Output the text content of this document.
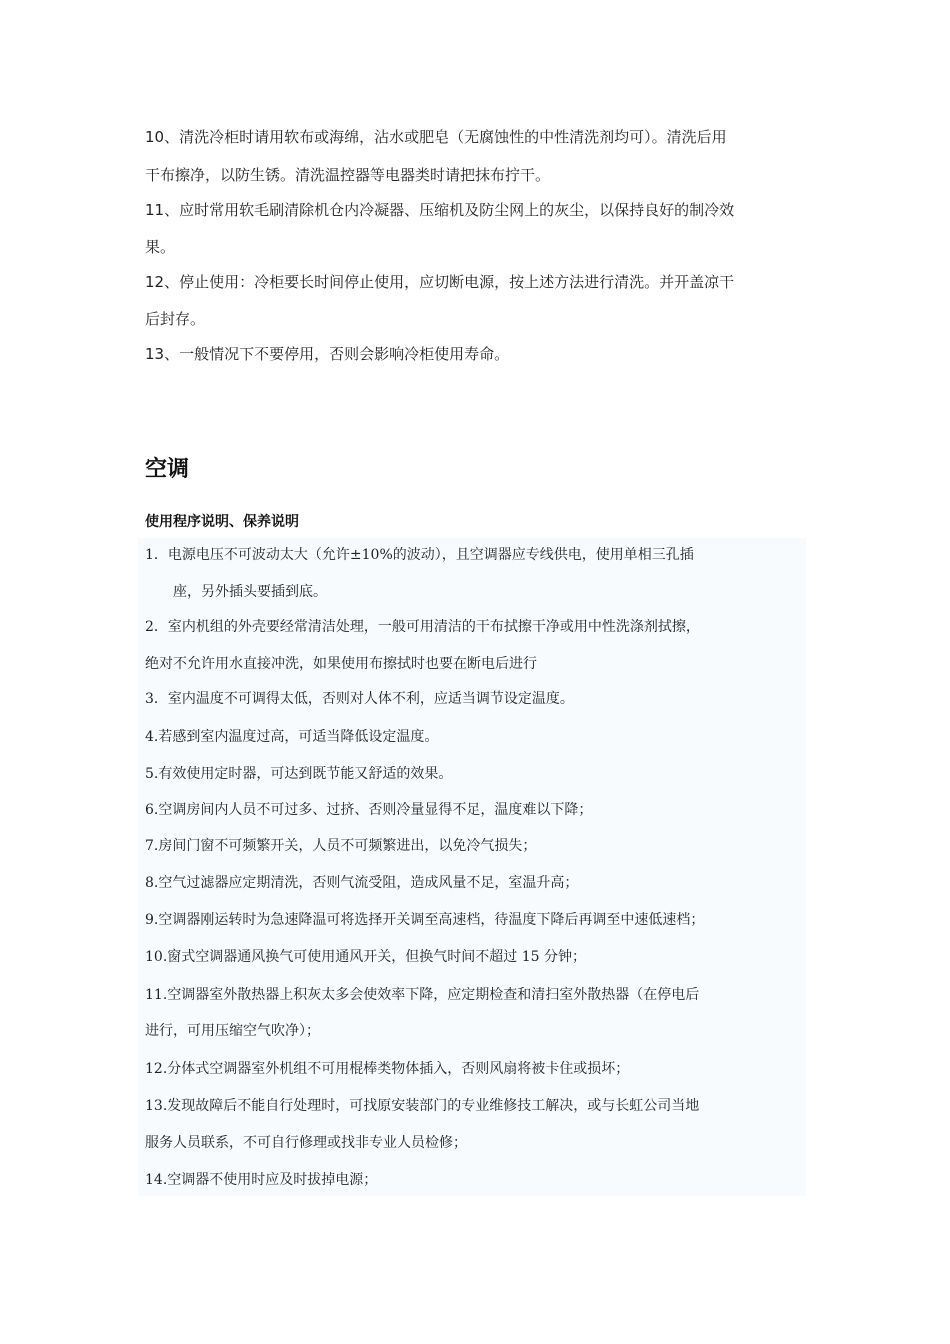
10、清洗冷柜时请用软布或海绵，沾水或肥皂（无腐蚀性的中性清洗剂均可）。清洗后用
干布擦净，以防生锈。清洗温控器等电器类时请把抹布拧干。
11、应时常用软毛刷清除机仓内冷凝器、压缩机及防尘网上的灰尘，以保持良好的制冷效
果。
12、停止使用：冷柜要长时间停止使用，应切断电源，按上述方法进行清洗。并开盖凉干
后封存。
13、一般情况下不要停用，否则会影响冷柜使用寿命。
空调
使用程序说明、保养说明
1．电源电压不可波动太大（允许±10%的波动），且空调器应专线供电，使用单相三孔插
座，另外插头要插到底。
2．室内机组的外壳要经常清洁处理，一般可用清洁的干布拭擦干净或用中性洗涤剂拭擦，
绝对不允许用水直接冲洗，如果使用布擦拭时也要在断电后进行
3．室内温度不可调得太低，否则对人体不利，应适当调节设定温度。
4.若感到室内温度过高，可适当降低设定温度。
5.有效使用定时器，可达到既节能又舒适的效果。
6.空调房间内人员不可过多、过挤、否则冷量显得不足，温度难以下降；
7.房间门窗不可频繁开关，人员不可频繁进出，以免冷气损失；
8.空气过滤器应定期清洗，否则气流受阻，造成风量不足，室温升高；
9.空调器刚运转时为急速降温可将选择开关调至高速档，待温度下降后再调至中速低速档；
10.窗式空调器通风换气可使用通风开关，但换气时间不超过 15 分钟；
11.空调器室外散热器上积灰太多会使效率下降，应定期检查和清扫室外散热器（在停电后
进行，可用压缩空气吹净）；
12.分体式空调器室外机组不可用棍棒类物体插入，否则风扇将被卡住或损坏；
13.发现故障后不能自行处理时，可找原安装部门的专业维修技工解决，或与长虹公司当地
服务人员联系，不可自行修理或找非专业人员检修；
14.空调器不使用时应及时拔掉电源；
